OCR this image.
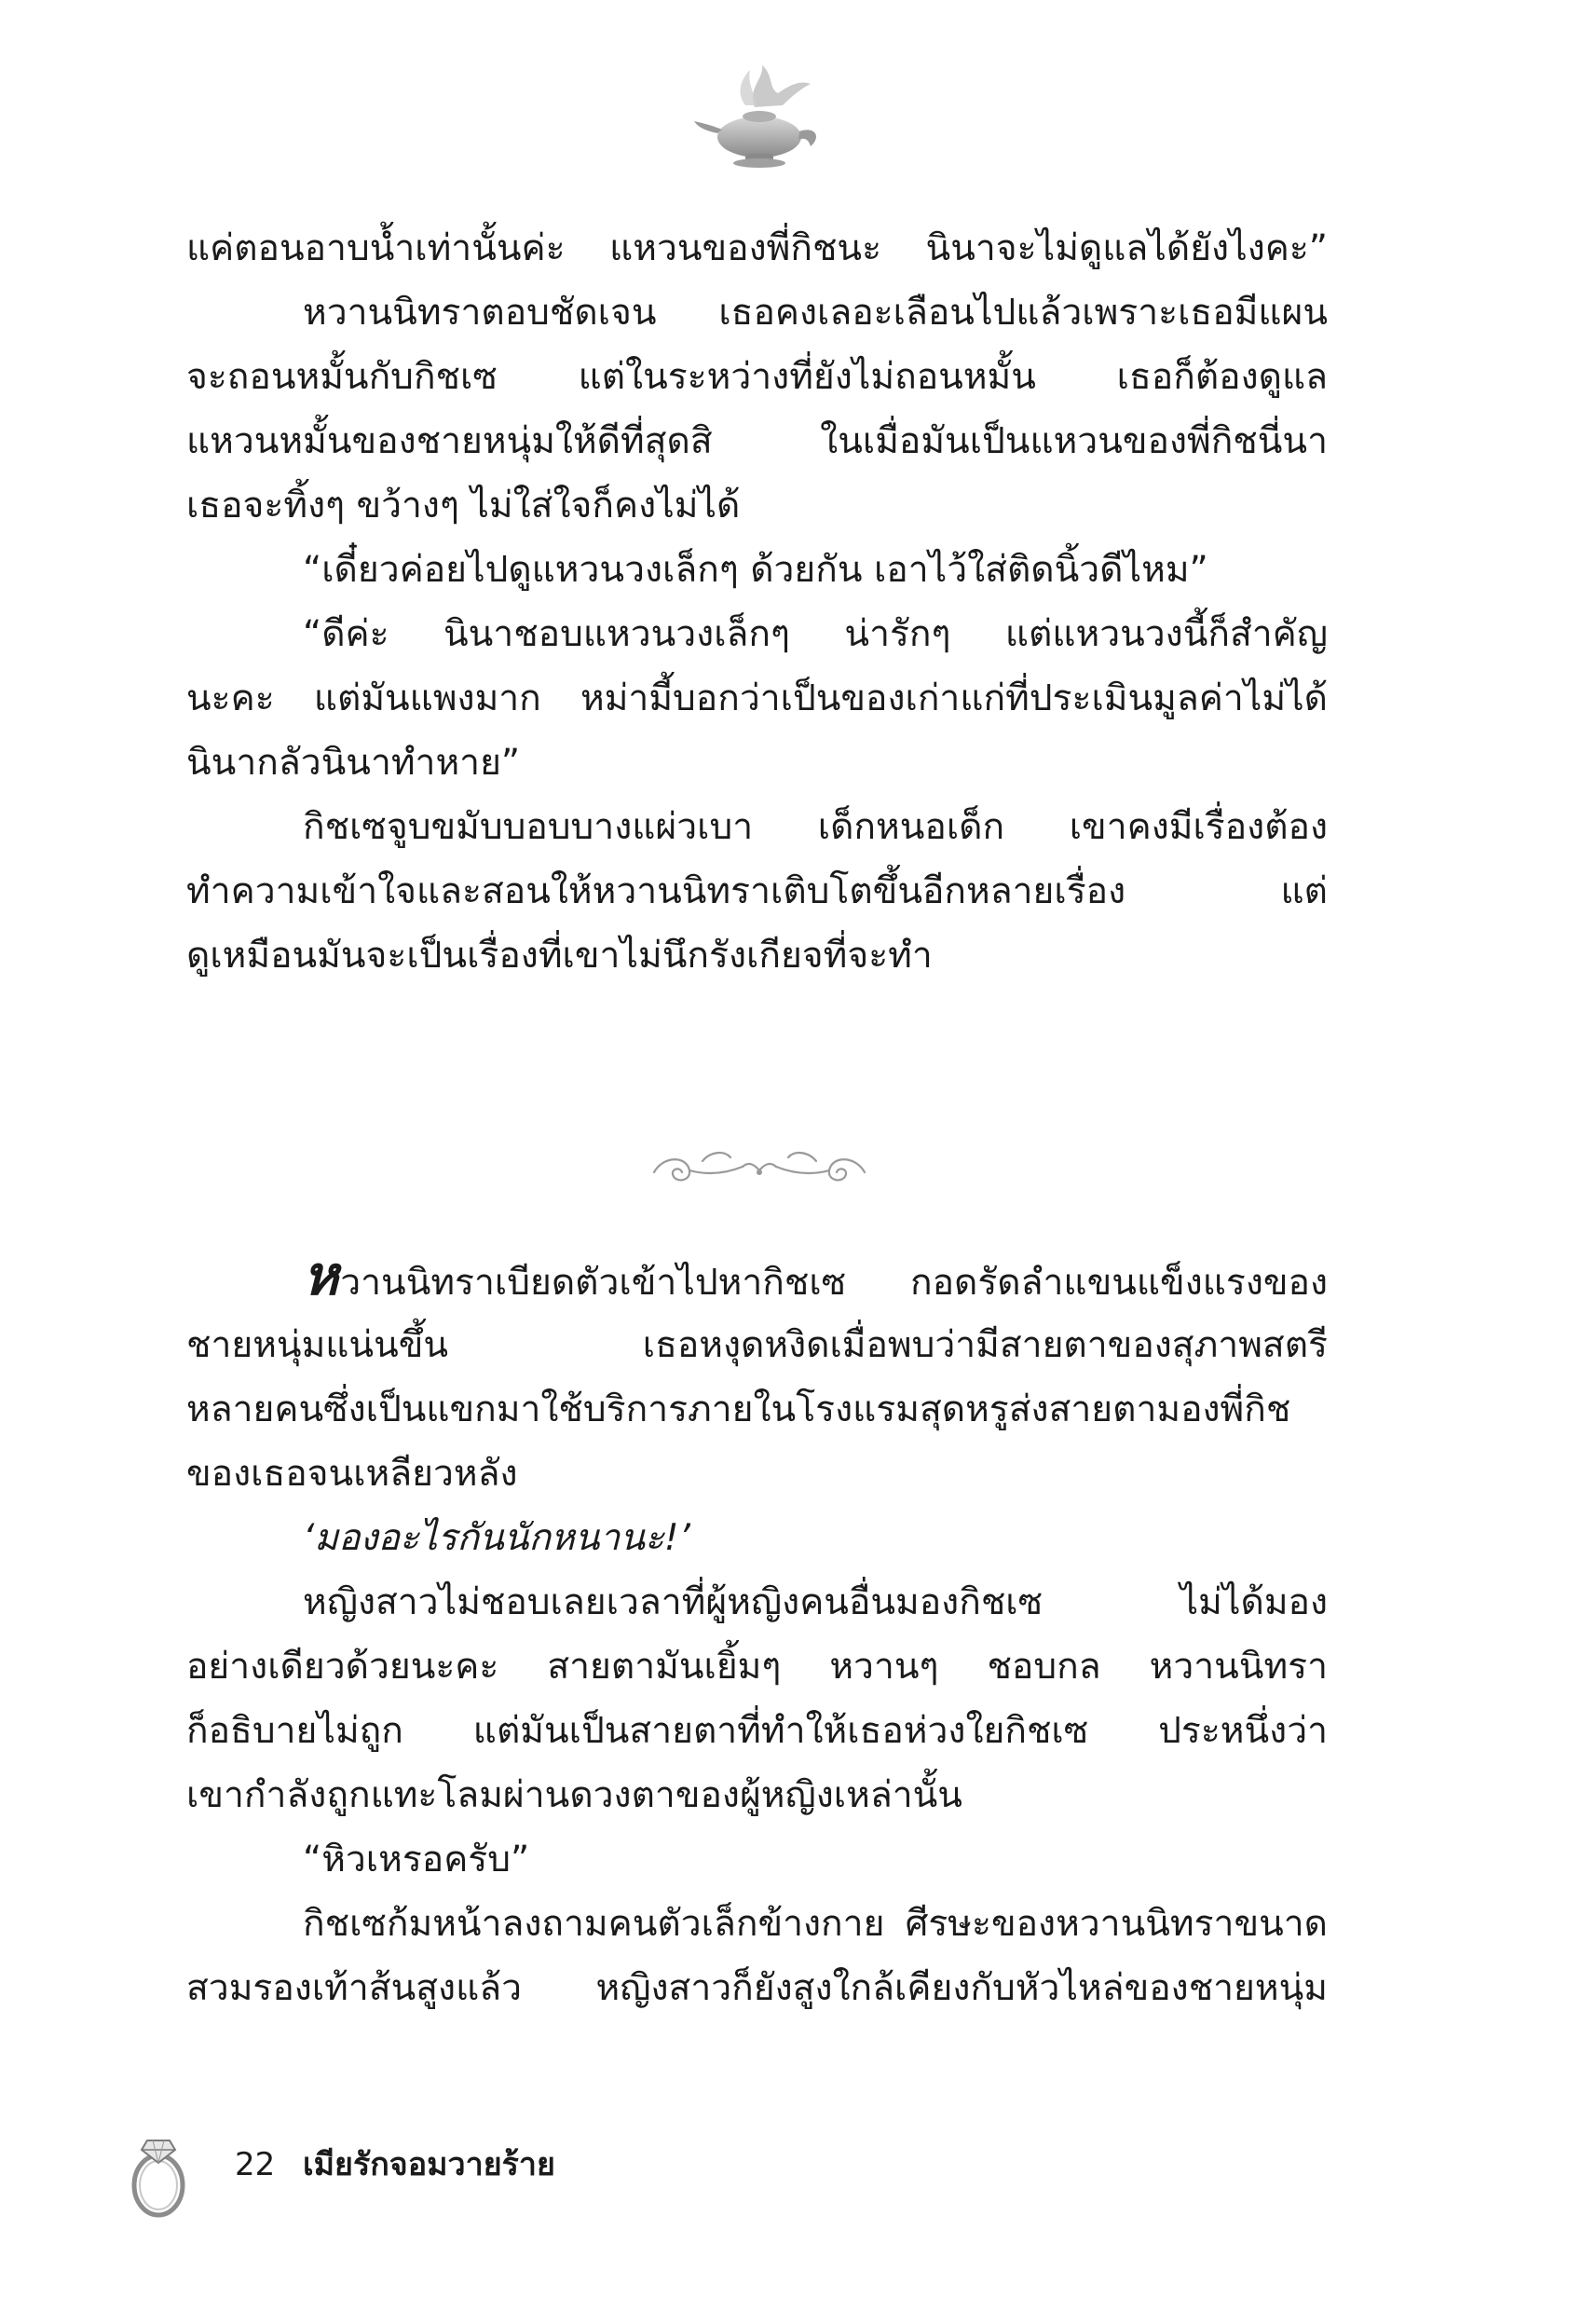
แค่ตอนอาบน้ำเท่านั้นค่ะ แหวนของพี่กิชนะ นินาจะไม่ดูแลได้ยังไงคะ”
หวานนิทราตอบชัดเจน เธอคงเลอะเลือนไปแล้วเพราะเธอมีแผน
จะถอนหมั้นกับกิชเซ แต่ในระหว่างที่ยังไม่ถอนหมั้น เธอก็ต้องดูแล
แหวนหมั้นของชายหนุ่มให้ดีที่สุดสิ ในเมื่อมันเป็นแหวนของพี่กิชนี่นา
เธอจะทิ้งๆ ขว้างๆ ไม่ใส่ใจก็คงไม่ได้
“เดี๋ยวค่อยไปดูแหวนวงเล็กๆ ด้วยกัน เอาไว้ใส่ติดนิ้วดีไหม”
“ดีค่ะ นินาชอบแหวนวงเล็กๆ น่ารักๆ แต่แหวนวงนี้ก็สำคัญ
นะคะ แต่มันแพงมาก หม่ามี้บอกว่าเป็นของเก่าแก่ที่ประเมินมูลค่าไม่ได้
นินากลัวนินาทำหาย”
กิชเซจูบขมับบอบบางแผ่วเบา เด็กหนอเด็ก เขาคงมีเรื่องต้อง
ทำความเข้าใจและสอนให้หวานนิทราเติบโตขึ้นอีกหลายเรื่อง แต่
ดูเหมือนมันจะเป็นเรื่องที่เขาไม่นึกรังเกียจที่จะทำ
หวานนิทราเบียดตัวเข้าไปหากิชเซ กอดรัดลำแขนแข็งแรงของ
ชายหนุ่มแน่นขึ้น เธอหงุดหงิดเมื่อพบว่ามีสายตาของสุภาพสตรี
หลายคนซึ่งเป็นแขกมาใช้บริการภายในโรงแรมสุดหรูส่งสายตามองพี่กิช
ของเธอจนเหลียวหลัง
‘มองอะไรกันนักหนานะ!’
หญิงสาวไม่ชอบเลยเวลาที่ผู้หญิงคนอื่นมองกิชเซ ไม่ได้มอง
อย่างเดียวด้วยนะคะ สายตามันเยิ้มๆ หวานๆ ชอบกล หวานนิทรา
ก็อธิบายไม่ถูก แต่มันเป็นสายตาที่ทำให้เธอห่วงใยกิชเซ ประหนึ่งว่า
เขากำลังถูกแทะโลมผ่านดวงตาของผู้หญิงเหล่านั้น
“หิวเหรอครับ”
กิชเซก้มหน้าลงถามคนตัวเล็กข้างกาย ศีรษะของหวานนิทราขนาด
สวมรองเท้าส้นสูงแล้ว หญิงสาวก็ยังสูงใกล้เคียงกับหัวไหล่ของชายหนุ่ม
22 เมียรักจอมวายร้าย
